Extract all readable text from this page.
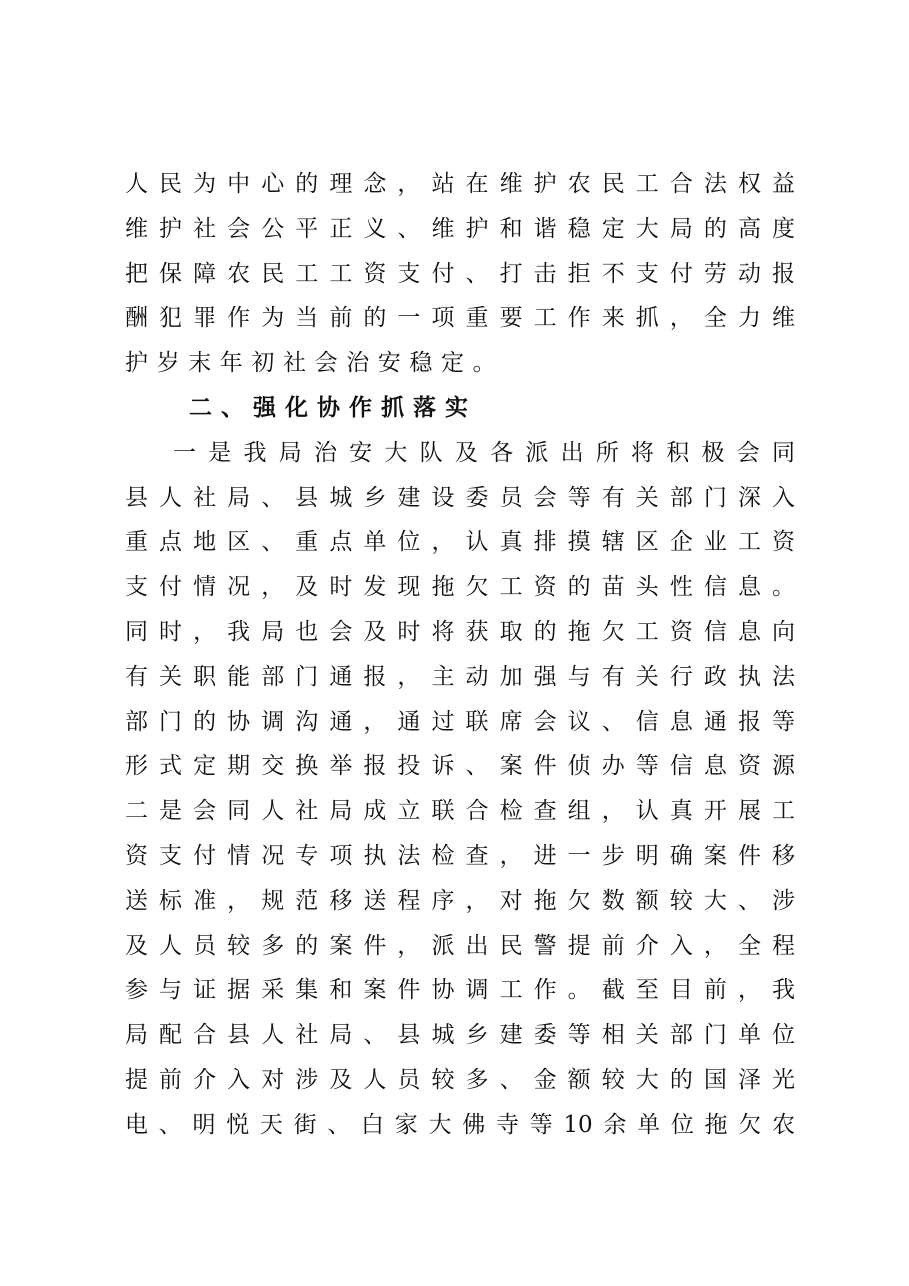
人民为中心的理念，站在维护农民工合法权益
维护社会公平正义、维护和谐稳定大局的高度
把保障农民工工资支付、打击拒不支付劳动报
酬犯罪作为当前的一项重要工作来抓，全力维
护岁末年初社会治安稳定。
二、强化协作抓落实
一是我局治安大队及各派出所将积极会同
县人社局、县城乡建设委员会等有关部门深入
重点地区、重点单位，认真排摸辖区企业工资
支付情况，及时发现拖欠工资的苗头性信息。
同时，我局也会及时将获取的拖欠工资信息向
有关职能部门通报，主动加强与有关行政执法
部门的协调沟通，通过联席会议、信息通报等
形式定期交换举报投诉、案件侦办等信息资源
二是会同人社局成立联合检查组，认真开展工
资支付情况专项执法检查，进一步明确案件移
送标准，规范移送程序，对拖欠数额较大、涉
及人员较多的案件，派出民警提前介入，全程
参与证据采集和案件协调工作。截至目前，我
局配合县人社局、县城乡建委等相关部门单位
提前介入对涉及人员较多、金额较大的国泽光
电、明悦天街、白家大佛寺等10余单位拖欠农
